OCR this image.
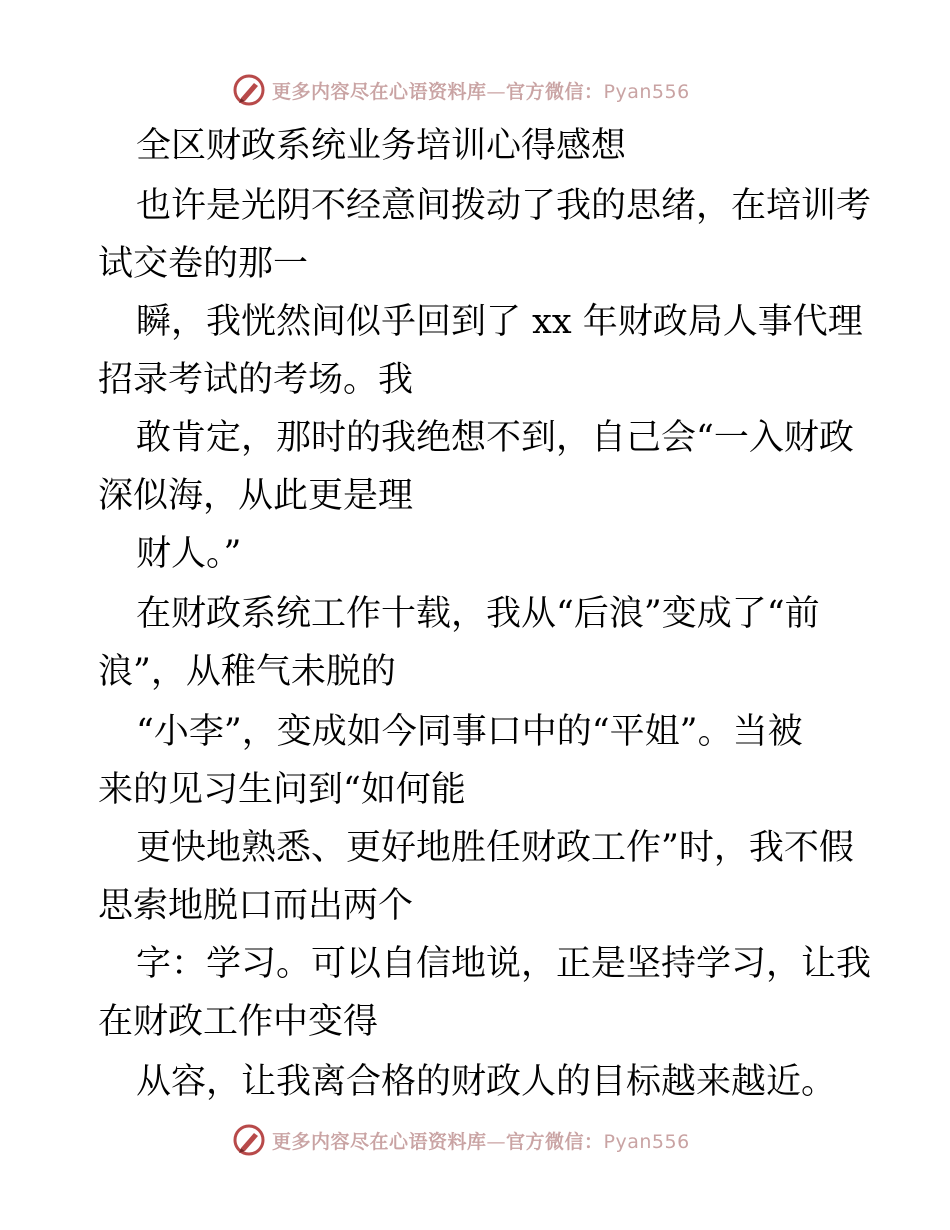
更多内容尽在心语资料库—官方微信：Pyan556
全区财政系统业务培训心得感想
也许是光阴不经意间拨动了我的思绪，在培训考
试交卷的那一
瞬，我恍然间似乎回到了 xx 年财政局人事代理
招录考试的考场。我
敢肯定，那时的我绝想不到，自己会“一入财政
深似海，从此更是理
财人。”
在财政系统工作十载，我从“后浪”变成了“前
浪”，从稚气未脱的
“小李”，变成如今同事口中的“平姐”。当被
来的见习生问到“如何能
更快地熟悉、更好地胜任财政工作”时，我不假
思索地脱口而出两个
字：学习。可以自信地说，正是坚持学习，让我
在财政工作中变得
从容，让我离合格的财政人的目标越来越近。
更多内容尽在心语资料库—官方微信：Pyan556
